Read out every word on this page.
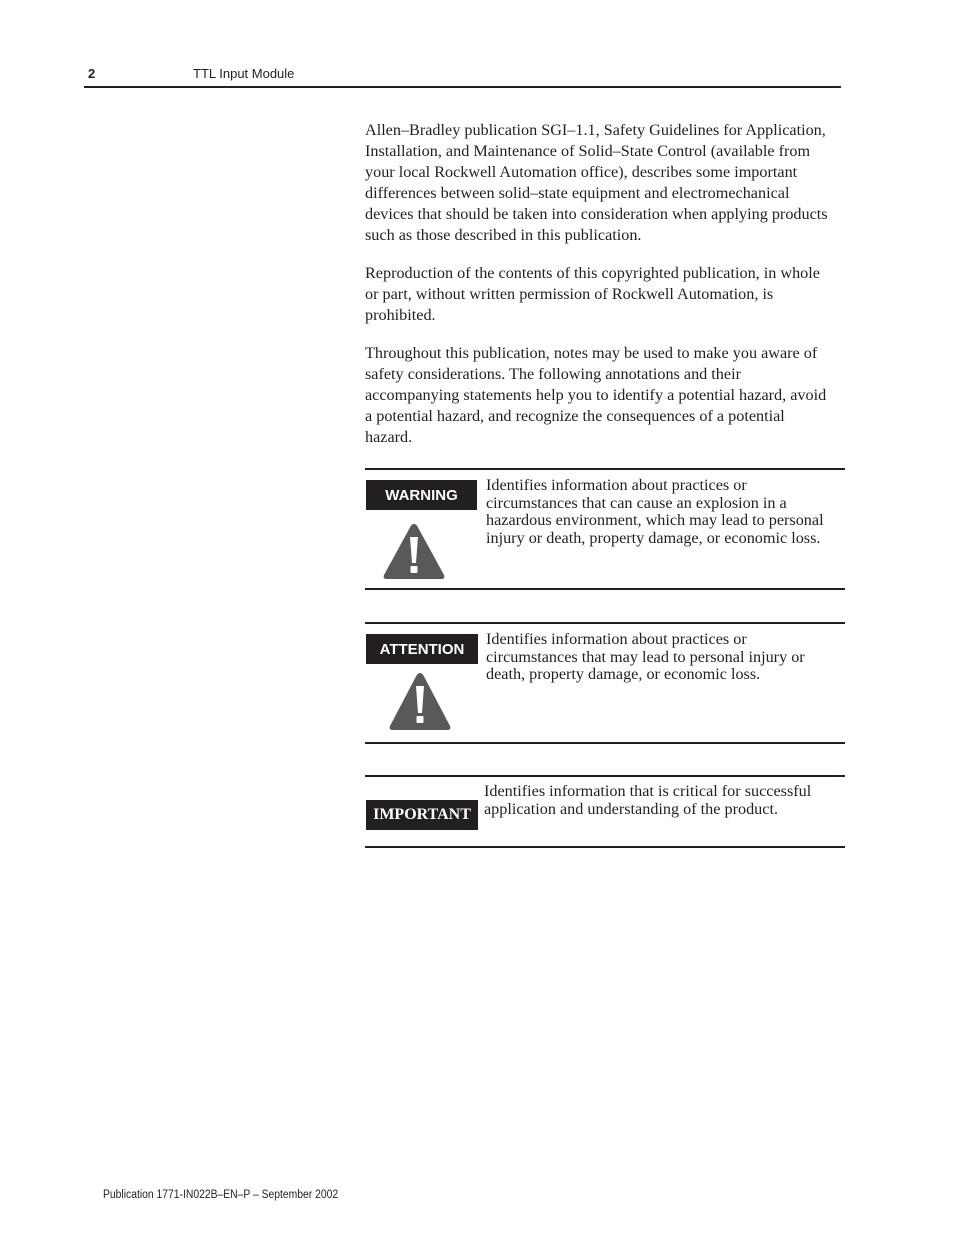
2	TTL Input Module

Allen–Bradley publication SGI–1.1, Safety Guidelines for Application, Installation, and Maintenance of Solid–State Control (available from your local Rockwell Automation office), describes some important differences between solid–state equipment and electromechanical devices that should be taken into consideration when applying products such as those described in this publication.

Reproduction of the contents of this copyrighted publication, in whole or part, without written permission of Rockwell Automation, is prohibited.

Throughout this publication, notes may be used to make you aware of safety considerations. The following annotations and their accompanying statements help you to identify a potential hazard, avoid a potential hazard, and recognize the consequences of a potential hazard.

WARNING

Identifies information about practices or circumstances that can cause an explosion in a hazardous environment, which may lead to personal injury or death, property damage, or economic loss.

ATTENTION

Identifies information about practices or circumstances that may lead to personal injury or death, property damage, or economic loss.

IMPORTANT

Identifies information that is critical for successful application and understanding of the product.

Publication 1771-IN022B–EN–P – September 2002
